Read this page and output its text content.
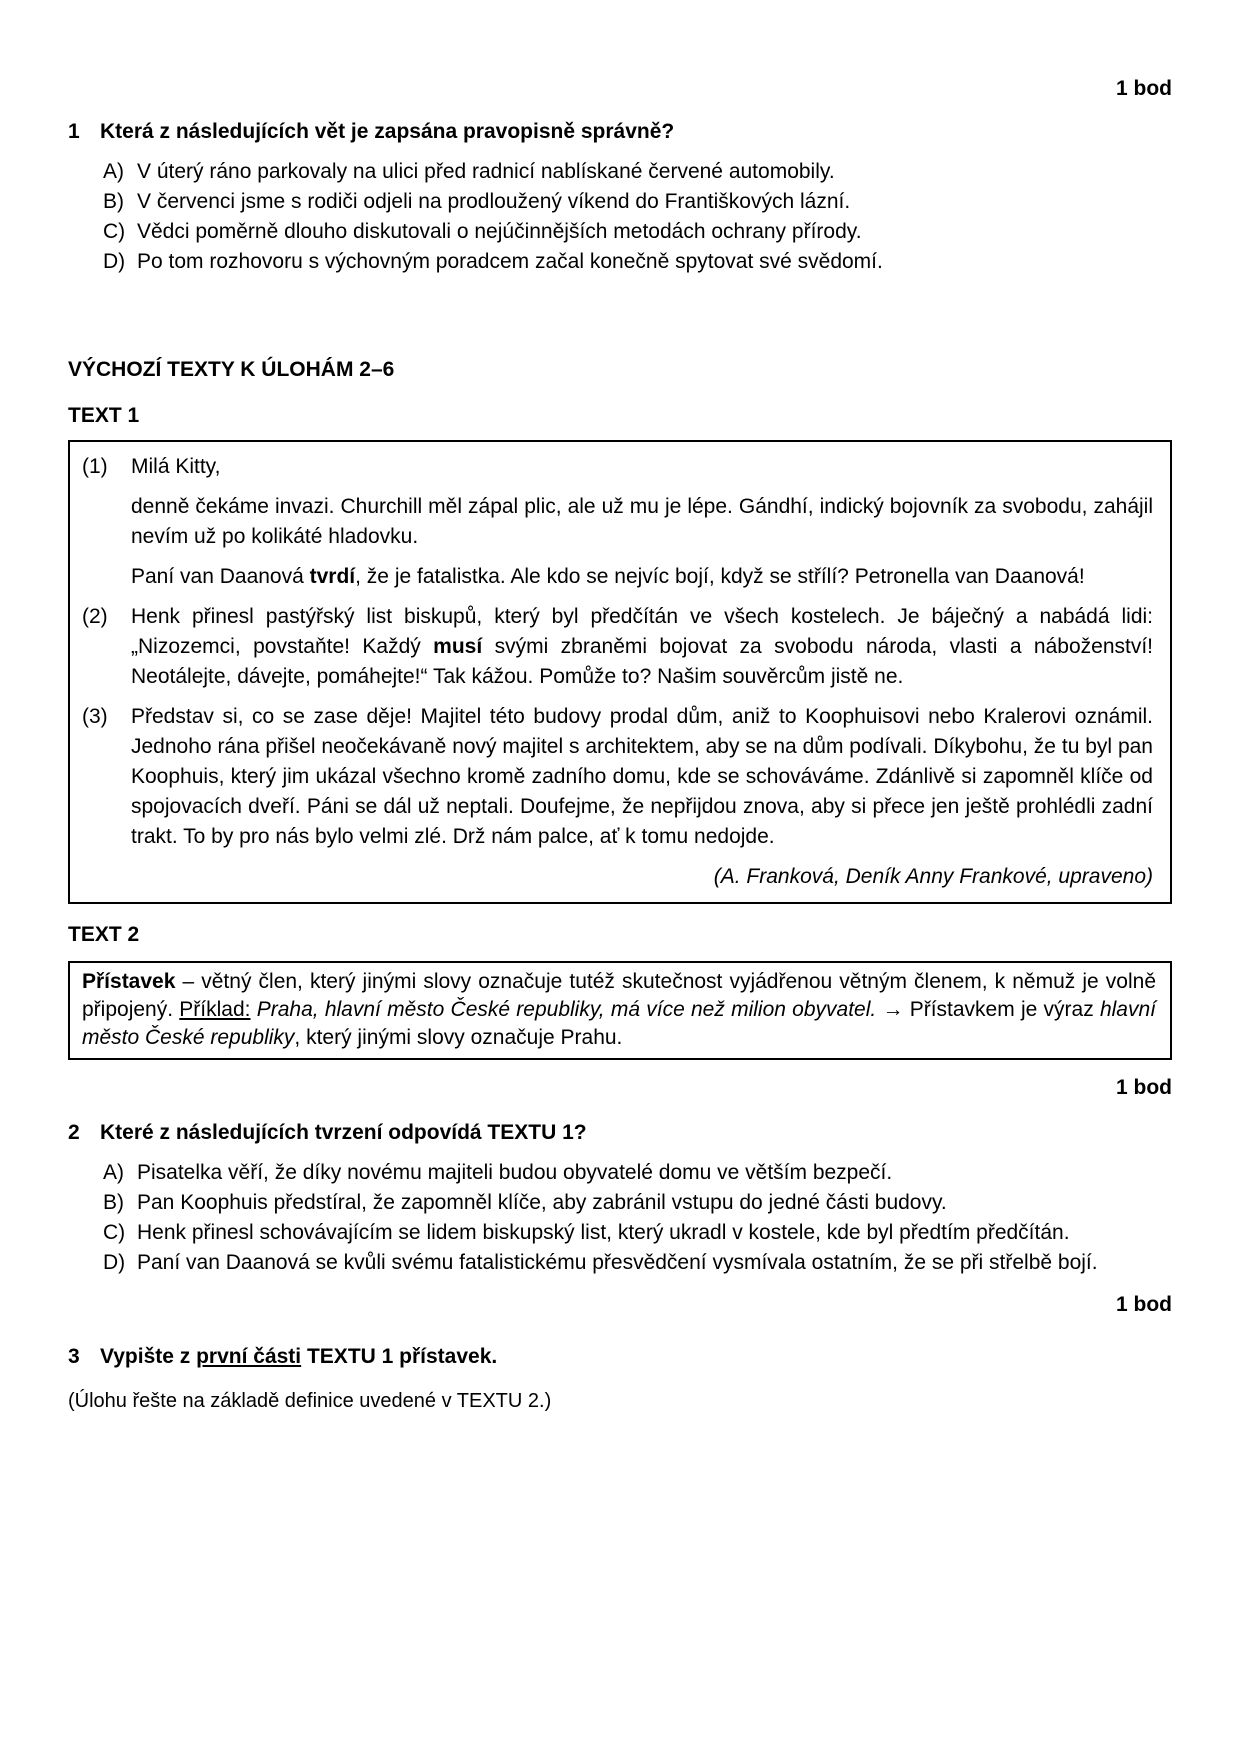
1 bod
1 Která z následujících vět je zapsána pravopisně správně?
A) V úterý ráno parkovaly na ulici před radnicí nablískané červené automobily.
B) V červenci jsme s rodiči odjeli na prodloužený víkend do Františkových lázní.
C) Vědci poměrně dlouho diskutovali o nejúčinnějších metodách ochrany přírody.
D) Po tom rozhovoru s výchovným poradcem začal konečně spytovat své svědomí.
VÝCHOZÍ TEXTY K ÚLOHÁM 2–6
TEXT 1
(1)	Milá Kitty,
denně čekáme invazi. Churchill měl zápal plic, ale už mu je lépe. Gándhí, indický bojovník za svobodu, zahájil nevím už po kolikáté hladovku.
Paní van Daanová tvrdí, že je fatalistka. Ale kdo se nejvíc bojí, když se střílí? Petronella van Daanová!
(2)	Henk přinesl pastýřský list biskupů, který byl předčítán ve všech kostelech. Je báječný a nabádá lidi: „Nizozemci, povstaňte! Každý musí svými zbraněmi bojovat za svobodu národa, vlasti a náboženství! Neotálejte, dávejte, pomáhejte!“ Tak kážou. Pomůže to? Našim souvěrcům jistě ne.
(3)	Představ si, co se zase děje! Majitel této budovy prodal dům, aniž to Koophuisovi nebo Kralerovi oznámil. Jednoho rána přišel neočekávaně nový majitel s architektem, aby se na dům podívali. Díkybohu, že tu byl pan Koophuis, který jim ukázal všechno kromě zadního domu, kde se schováváme. Zdánlivě si zapomněl klíče od spojovacích dveří. Páni se dál už neptali. Doufejme, že nepřijdou znova, aby si přece jen ještě prohlédli zadní trakt. To by pro nás bylo velmi zlé. Drž nám palce, ať k tomu nedojde.
(A. Franková, Deník Anny Frankové, upraveno)
TEXT 2
Přístavek – větný člen, který jinými slovy označuje tutéž skutečnost vyjádřenou větným členem, k němuž je volně připojený. Příklad: Praha, hlavní město České republiky, má více než milion obyvatel. → Přístavkem je výraz hlavní město České republiky, který jinými slovy označuje Prahu.
1 bod
2 Které z následujících tvrzení odpovídá TEXTU 1?
A) Pisatelka věří, že díky novému majiteli budou obyvatelé domu ve větším bezpečí.
B) Pan Koophuis předstíral, že zapomněl klíče, aby zabránil vstupu do jedné části budovy.
C) Henk přinesl schovávajícím se lidem biskupský list, který ukradl v kostele, kde byl předtím předčítán.
D) Paní van Daanová se kvůli svému fatalistickému přesvědčení vysmívala ostatním, že se při střelbě bojí.
1 bod
3 Vypište z první části TEXTU 1 přístavek.
(Úlohu řešte na základě definice uvedené v TEXTU 2.)
